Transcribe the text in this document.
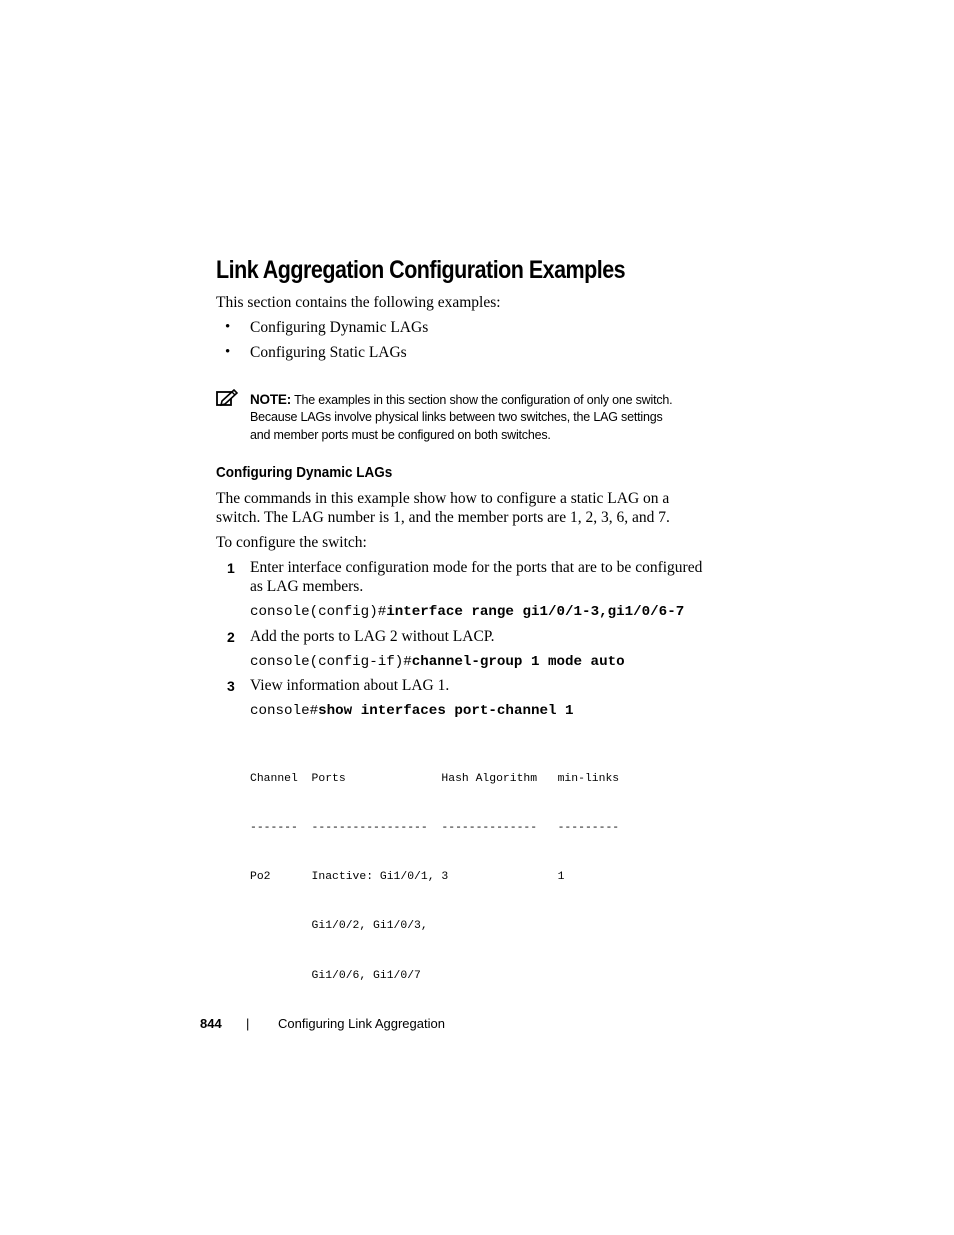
Link Aggregation Configuration Examples
This section contains the following examples:
• Configuring Dynamic LAGs
• Configuring Static LAGs
NOTE: The examples in this section show the configuration of only one switch.
Because LAGs involve physical links between two switches, the LAG settings
and member ports must be configured on both switches.
Configuring Dynamic LAGs
The commands in this example show how to configure a static LAG on a
switch. The LAG number is 1, and the member ports are 1, 2, 3, 6, and 7.
To configure the switch:
1 Enter interface configuration mode for the ports that are to be configured
as LAG members.
console(config)#interface range gi1/0/1-3,gi1/0/6-7
2 Add the ports to LAG 2 without LACP.
console(config-if)#channel-group 1 mode auto
3 View information about LAG 1.
console#show interfaces port-channel 1

Channel  Ports              Hash Algorithm   min-links

-------  -----------------  --------------   ---------

Po2      Inactive: Gi1/0/1, 3                1

Gi1/0/2, Gi1/0/3,

Gi1/0/6, Gi1/0/7

844 | Configuring Link Aggregation
